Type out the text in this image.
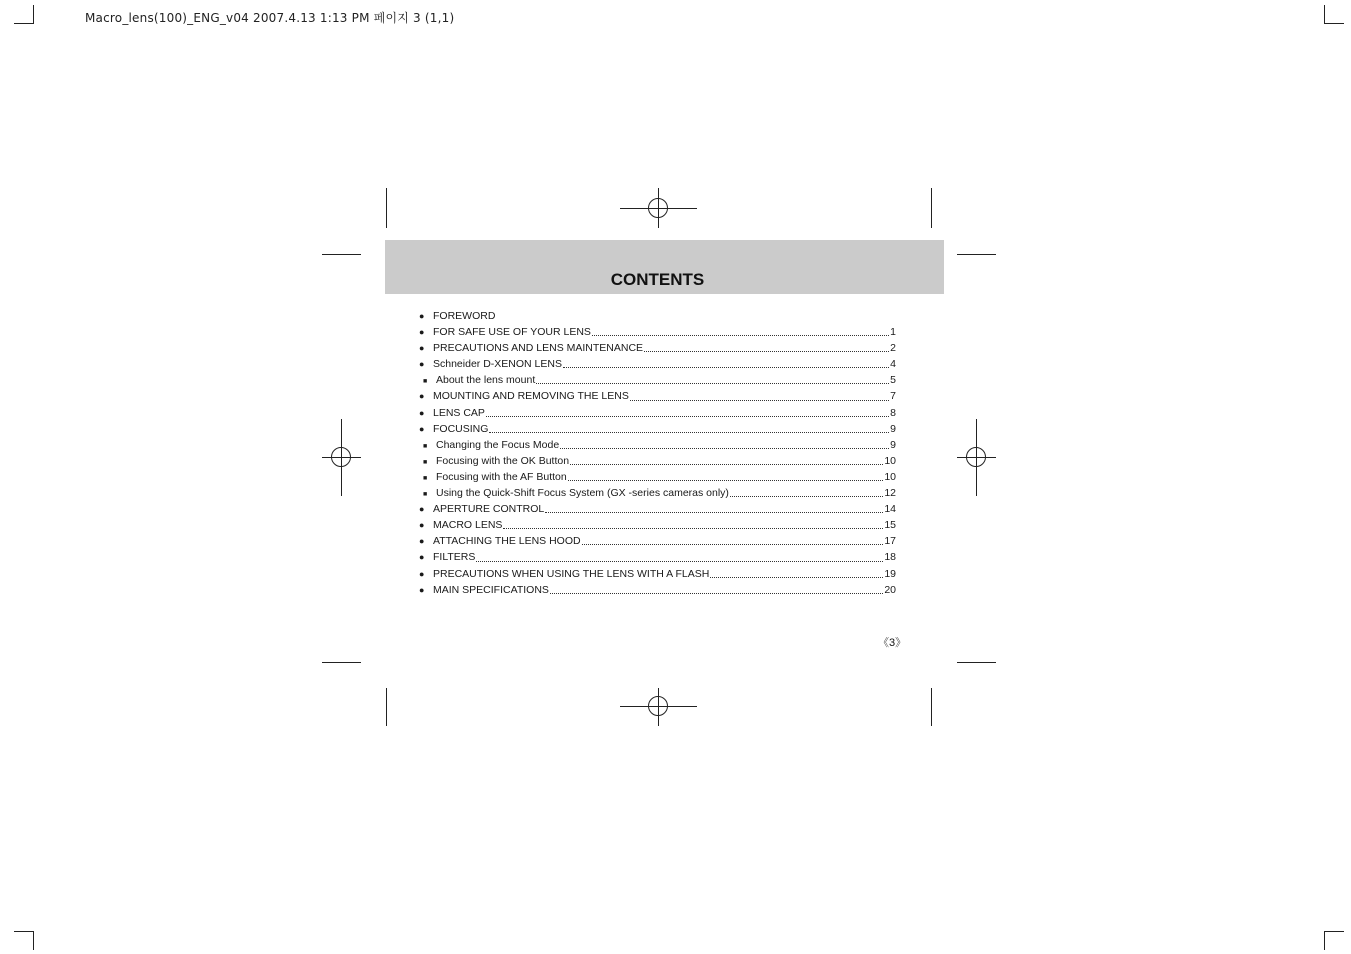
Macro_lens(100)_ENG_v04 2007.4.13 1:13 PM 페이지 3 (1,1)
CONTENTS
● FOREWORD
● FOR SAFE USE OF YOUR LENS	1
● PRECAUTIONS AND LENS MAINTENANCE	2
● Schneider D-XENON LENS	4
■ About the lens mount	5
● MOUNTING AND REMOVING THE LENS	7
● LENS CAP	8
● FOCUSING	9
■ Changing the Focus Mode	9
■ Focusing with the OK Button	10
■ Focusing with the AF Button	10
■ Using the Quick-Shift Focus System (GX -series cameras only)	12
● APERTURE CONTROL	14
● MACRO LENS	15
● ATTACHING THE LENS HOOD	17
● FILTERS	18
● PRECAUTIONS WHEN USING THE LENS WITH A FLASH	19
● MAIN SPECIFICATIONS	20
《3》
